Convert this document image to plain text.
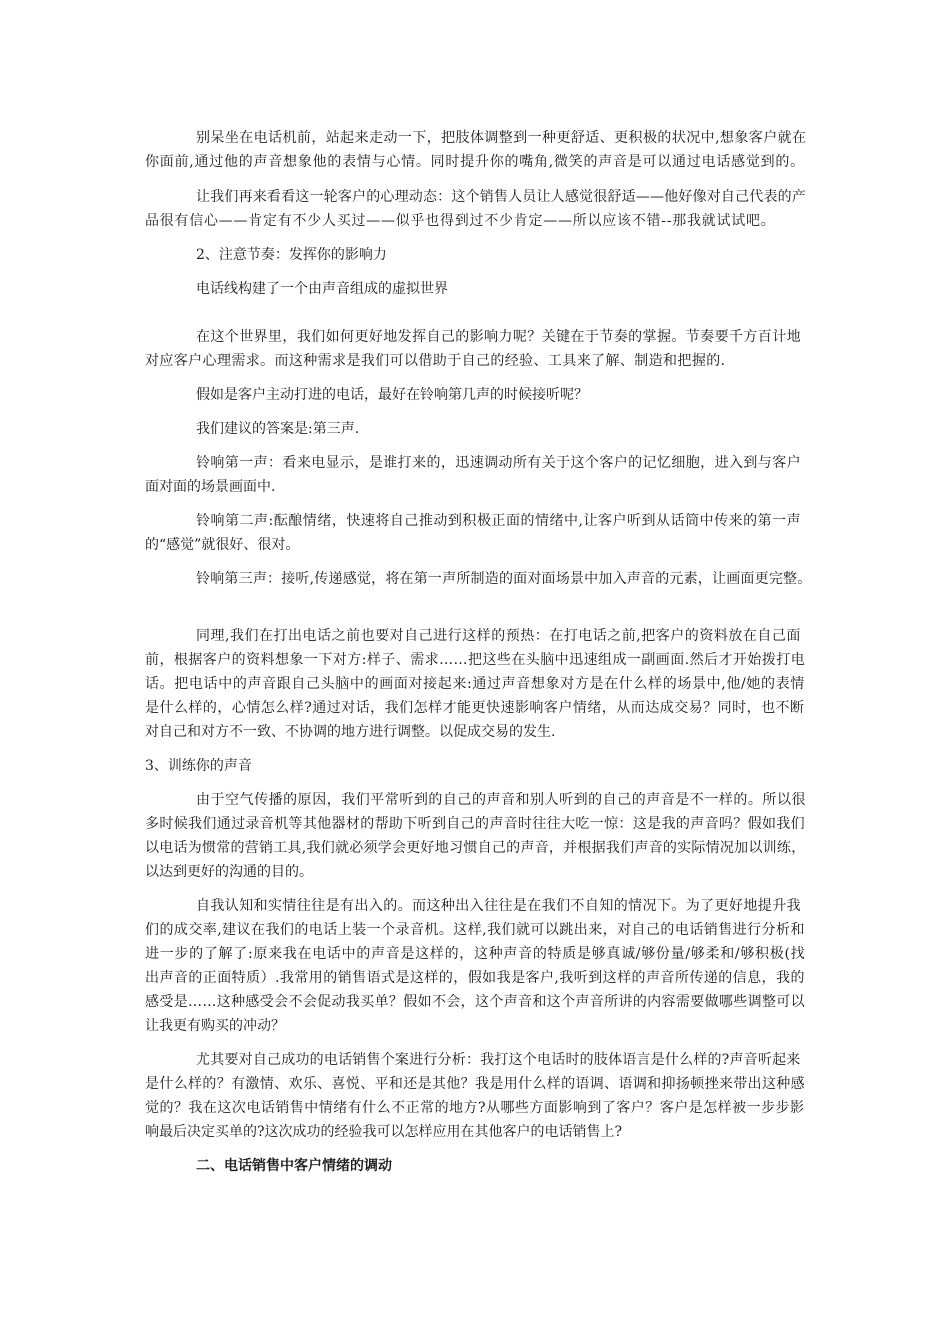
别呆坐在电话机前，站起来走动一下，把肢体调整到一种更舒适、更积极的状况中,想象客户就在

你面前,通过他的声音想象他的表情与心情。同时提升你的嘴角,微笑的声音是可以通过电话感觉到的。

让我们再来看看这一轮客户的心理动态：这个销售人员让人感觉很舒适——他好像对自己代表的产

品很有信心——肯定有不少人买过——似乎也得到过不少肯定——所以应该不错--那我就试试吧。

2、注意节奏：发挥你的影响力

电话线构建了一个由声音组成的虚拟世界

在这个世界里，我们如何更好地发挥自己的影响力呢？关键在于节奏的掌握。节奏要千方百计地

对应客户心理需求。而这种需求是我们可以借助于自己的经验、工具来了解、制造和把握的.

假如是客户主动打进的电话，最好在铃响第几声的时候接听呢？

我们建议的答案是:第三声.

铃响第一声：看来电显示，是谁打来的，迅速调动所有关于这个客户的记忆细胞，进入到与客户

面对面的场景画面中.

铃响第二声:酝酿情绪，快速将自己推动到积极正面的情绪中,让客户听到从话筒中传来的第一声

的“感觉”就很好、很对。

铃响第三声：接听,传递感觉，将在第一声所制造的面对面场景中加入声音的元素，让画面更完整。

同理,我们在打出电话之前也要对自己进行这样的预热：在打电话之前,把客户的资料放在自己面

前，根据客户的资料想象一下对方:样子、需求……把这些在头脑中迅速组成一副画面.然后才开始拨打电

话。把电话中的声音跟自己头脑中的画面对接起来:通过声音想象对方是在什么样的场景中,他/她的表情

是什么样的，心情怎么样?通过对话，我们怎样才能更快速影响客户情绪，从而达成交易？同时，也不断

对自己和对方不一致、不协调的地方进行调整。以促成交易的发生.

3、训练你的声音

由于空气传播的原因，我们平常听到的自己的声音和别人听到的自己的声音是不一样的。所以很

多时候我们通过录音机等其他器材的帮助下听到自己的声音时往往大吃一惊：这是我的声音吗？假如我们

以电话为惯常的营销工具,我们就必须学会更好地习惯自己的声音，并根据我们声音的实际情况加以训练，

以达到更好的沟通的目的。

自我认知和实情往往是有出入的。而这种出入往往是在我们不自知的情况下。为了更好地提升我

们的成交率,建议在我们的电话上装一个录音机。这样,我们就可以跳出来，对自己的电话销售进行分析和

进一步的了解了:原来我在电话中的声音是这样的，这种声音的特质是够真诚/够份量/够柔和/够积极(找

出声音的正面特质）.我常用的销售语式是这样的，假如我是客户,我听到这样的声音所传递的信息，我的

感受是……这种感受会不会促动我买单？假如不会，这个声音和这个声音所讲的内容需要做哪些调整可以

让我更有购买的冲动？

尤其要对自己成功的电话销售个案进行分析：我打这个电话时的肢体语言是什么样的?声音听起来

是什么样的？有激情、欢乐、喜悦、平和还是其他？我是用什么样的语调、语调和抑扬顿挫来带出这种感

觉的？我在这次电话销售中情绪有什么不正常的地方?从哪些方面影响到了客户？客户是怎样被一步步影

响最后决定买单的?这次成功的经验我可以怎样应用在其他客户的电话销售上?

二、电话销售中客户情绪的调动
